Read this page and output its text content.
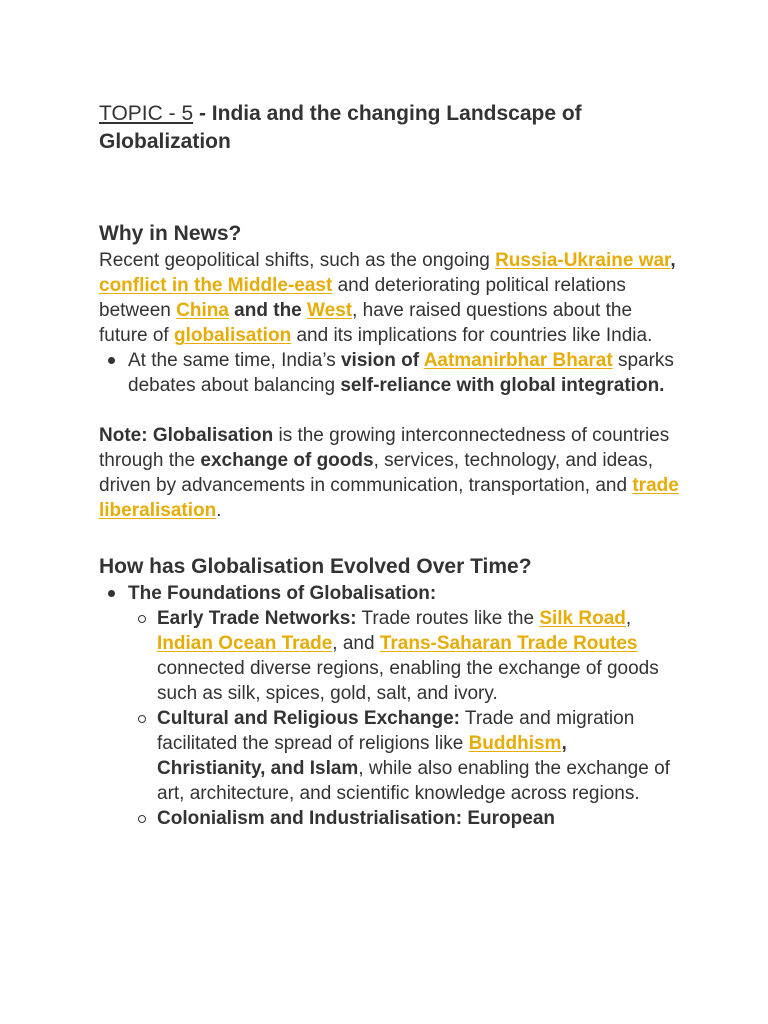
TOPIC - 5 - India and the changing Landscape of Globalization
Why in News?

Recent geopolitical shifts, such as the ongoing Russia-Ukraine war, conflict in the Middle-east and deteriorating political relations between China and the West, have raised questions about the future of globalisation and its implications for countries like India.

At the same time, India’s vision of Aatmanirbhar Bharat sparks debates about balancing self-reliance with global integration.

Note: Globalisation is the growing interconnectedness of countries through the exchange of goods, services, technology, and ideas, driven by advancements in communication, transportation, and trade liberalisation.

How has Globalisation Evolved Over Time?
The Foundations of Globalisation:
Early Trade Networks: Trade routes like the Silk Road, Indian Ocean Trade, and Trans-Saharan Trade Routes connected diverse regions, enabling the exchange of goods such as silk, spices, gold, salt, and ivory.
Cultural and Religious Exchange: Trade and migration facilitated the spread of religions like Buddhism, Christianity, and Islam, while also enabling the exchange of art, architecture, and scientific knowledge across regions.
Colonialism and Industrialisation: European
